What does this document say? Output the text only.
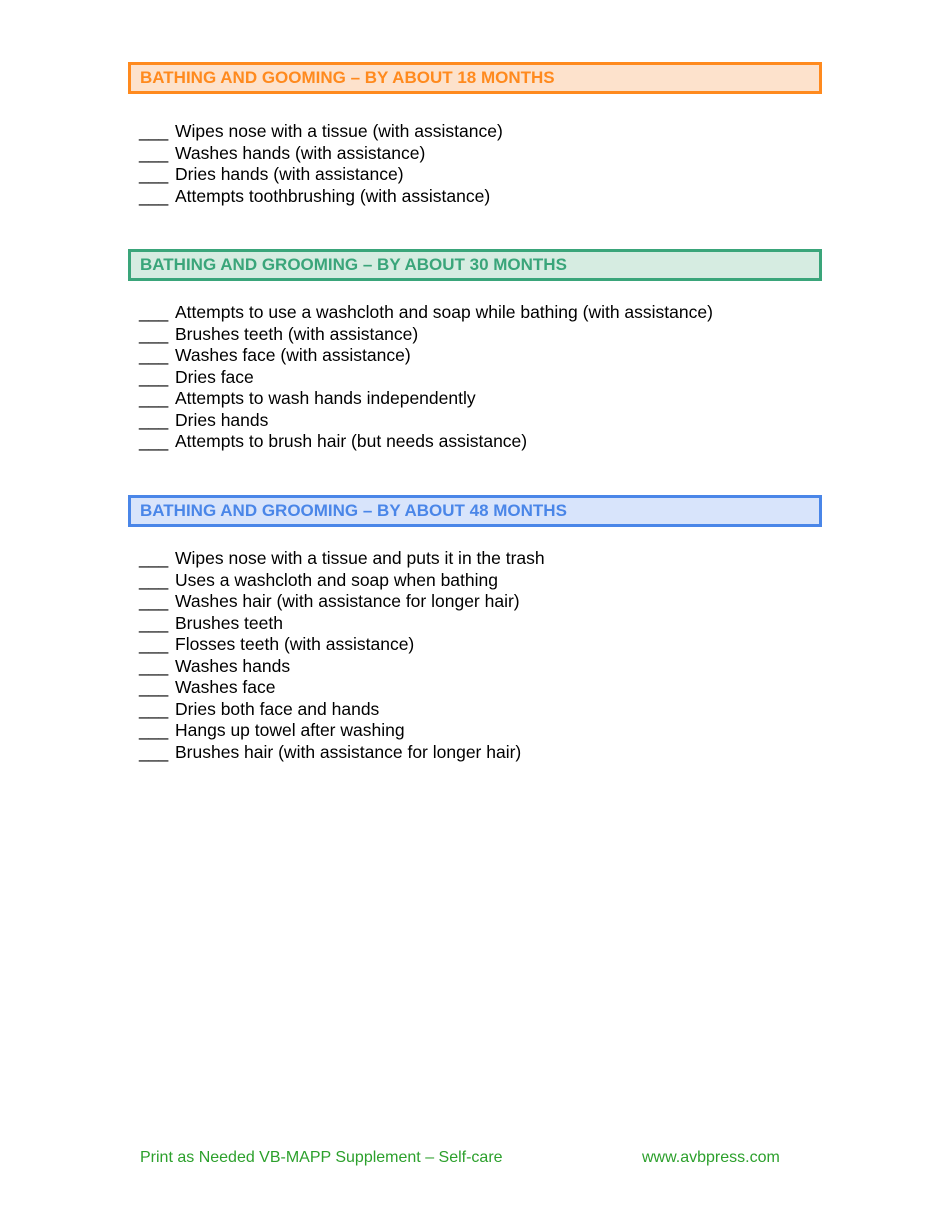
BATHING AND GOOMING – BY ABOUT 18 MONTHS
___ Wipes nose with a tissue (with assistance)
___ Washes hands (with assistance)
___ Dries hands (with assistance)
___ Attempts toothbrushing (with assistance)
BATHING AND GROOMING – BY ABOUT 30 MONTHS
___ Attempts to use a washcloth and soap while bathing (with assistance)
___ Brushes teeth (with assistance)
___ Washes face (with assistance)
___ Dries face
___ Attempts to wash hands independently
___ Dries hands
___ Attempts to brush hair (but needs assistance)
BATHING AND GROOMING – BY ABOUT 48 MONTHS
___ Wipes nose with a tissue and puts it in the trash
___ Uses a washcloth and soap when bathing
___ Washes hair (with assistance for longer hair)
___ Brushes teeth
___ Flosses teeth (with assistance)
___ Washes hands
___ Washes face
___ Dries both face and hands
___ Hangs up towel after washing
___ Brushes hair (with assistance for longer hair)
Print as Needed VB-MAPP Supplement – Self-care	www.avbpress.com
